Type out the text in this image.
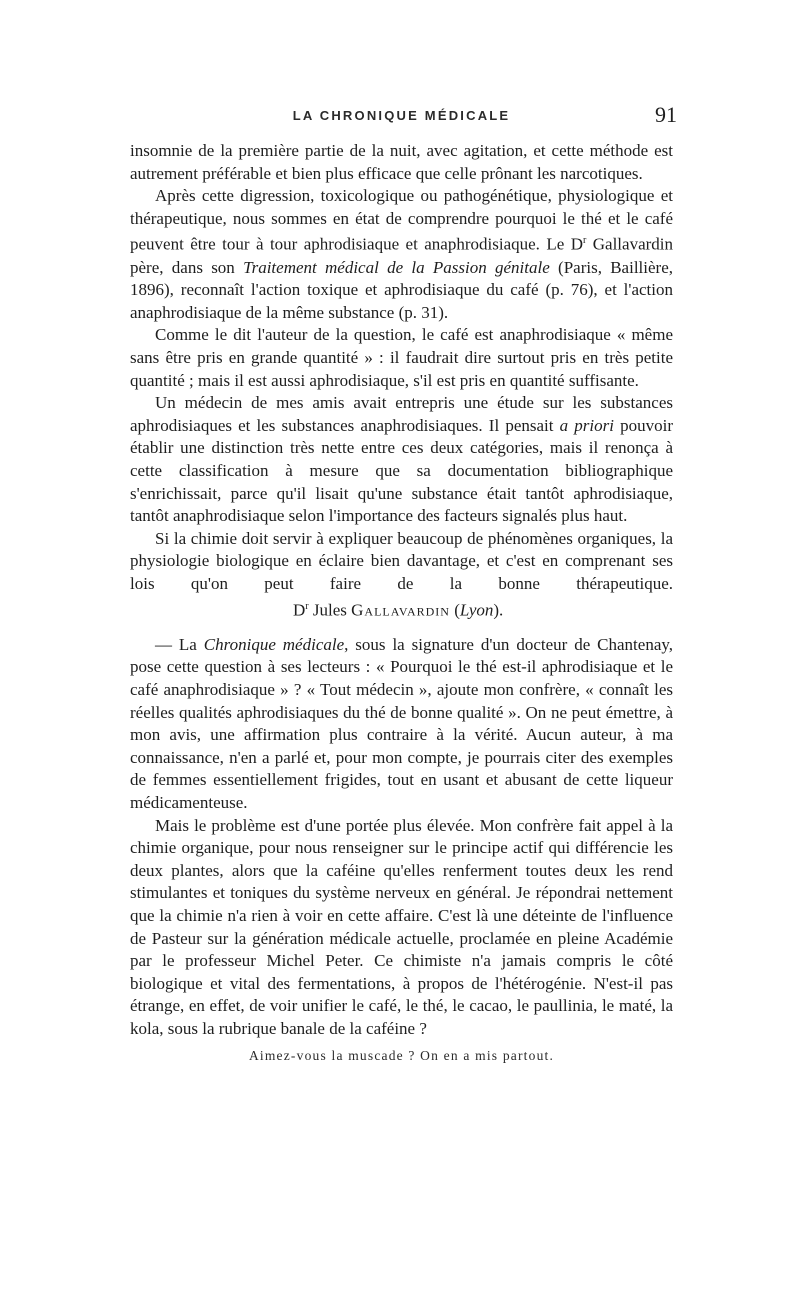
LA CHRONIQUE MÉDICALE	91

insomnie de la première partie de la nuit, avec agitation, et cette méthode est autrement préférable et bien plus efficace que celle prônant les narcotiques.

Après cette digression, toxicologique ou pathogénétique, physiologique et thérapeutique, nous sommes en état de comprendre pourquoi le thé et le café peuvent être tour à tour aphrodisiaque et anaphrodisiaque. Le $D^r$ Gallavardin père, dans son Traitement médical de la Passion génitale (Paris, Baillière, 1896), reconnaît l'action toxique et aphrodisiaque du café (p. 76), et l'action anaphrodisiaque de la même substance (p. 31).

Comme le dit l'auteur de la question, le café est anaphrodisiaque « même sans être pris en grande quantité » : il faudrait dire surtout pris en très petite quantité ; mais il est aussi aphrodisiaque, s'il est pris en quantité suffisante.

Un médecin de mes amis avait entrepris une étude sur les substances aphrodisiaques et les substances anaphrodisiaques. Il pensait a priori pouvoir établir une distinction très nette entre ces deux catégories, mais il renonça à cette classification à mesure que sa documentation bibliographique s'enrichissait, parce qu'il lisait qu'une substance était tantôt aphrodisiaque, tantôt anaphrodisiaque selon l'importance des facteurs signalés plus haut.

Si la chimie doit servir à expliquer beaucoup de phénomènes organiques, la physiologie biologique en éclaire bien davantage, et c'est en comprenant ses lois qu'on peut faire de la bonne $thérapeutique.D^r$ Jules Gallavardin (Lyon).

— La Chronique médicale, sous la signature d'un docteur de Chantenay, pose cette question à ses lecteurs : « Pourquoi le thé est-il aphrodisiaque et le café anaphrodisiaque » ? « Tout médecin », ajoute mon confrère, « connaît les réelles qualités aphrodisiaques du thé de bonne qualité ». On ne peut émettre, à mon avis, une affirmation plus contraire à la vérité. Aucun auteur, à ma connaissance, n'en a parlé et, pour mon compte, je pourrais citer des exemples de femmes essentiellement frigides, tout en usant et abusant de cette liqueur médicamenteuse.

Mais le problème est d'une portée plus élevée. Mon confrère fait appel à la chimie organique, pour nous renseigner sur le principe actif qui différencie les deux plantes, alors que la caféine qu'elles renferment toutes deux les rend stimulantes et toniques du système nerveux en général. Je répondrai nettement que la chimie n'a rien à voir en cette affaire. C'est là une déteinte de l'influence de Pasteur sur la génération médicale actuelle, proclamée en pleine Académie par le professeur Michel Peter. Ce chimiste n'a jamais compris le côté biologique et vital des fermentations, à propos de l'hétérogénie. N'est-il pas étrange, en effet, de voir unifier le café, le thé, le cacao, le paullinia, le maté, la kola, sous la rubrique banale de la caféine ?

Aimez-vous la muscade ? On en a mis partout.
